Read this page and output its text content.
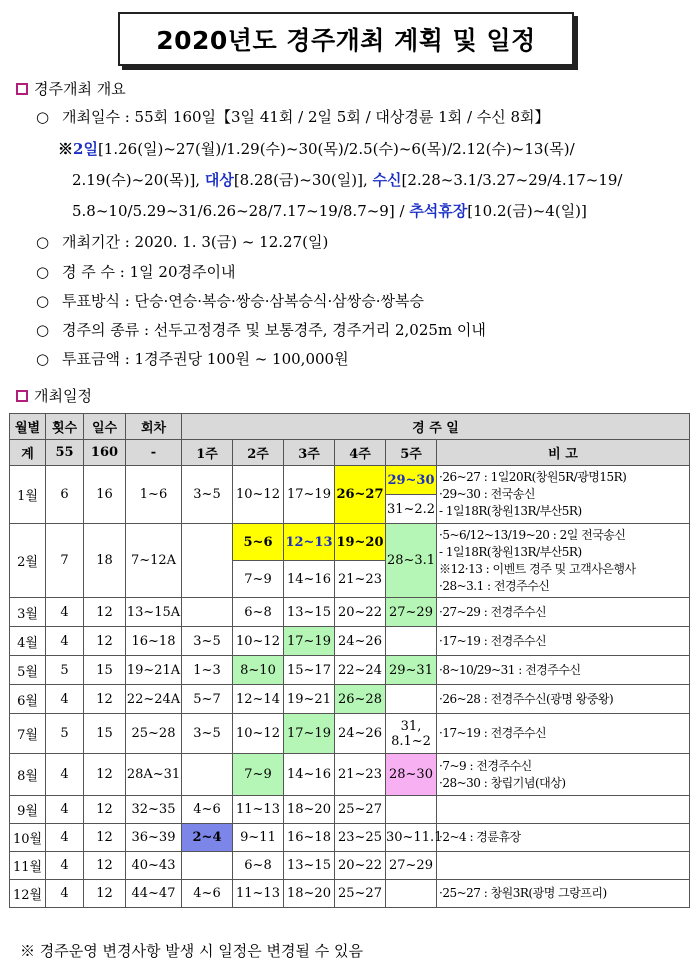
2020년도 경주개최 계획 및 일정
경주개최 개요
○ 개최일수 : 55회 160일【3일 41회 / 2일 5회 / 대상경륜 1회 / 수신 8회】
※2일[1.26(일)~27(월)/1.29(수)~30(목)/2.5(수)~6(목)/2.12(수)~13(목)/
2.19(수)~20(목)], 대상[8.28(금)~30(일)], 수신[2.28~3.1/3.27~29/4.17~19/
5.8~10/5.29~31/6.26~28/7.17~19/8.7~9] / 추석휴장[10.2(금)~4(일)]
○ 개최기간 : 2020. 1. 3(금) ~ 12.27(일)
○ 경 주 수 : 1일 20경주이내
○ 투표방식 : 단승·연승·복승·쌍승·삼복승식·삼쌍승·쌍복승
○ 경주의 종류 : 선두고정경주 및 보통경주, 경주거리 2,025m 이내
○ 투표금액 : 1경주권당 100원 ~ 100,000원
개최일정
월별	횟수	일수	회차	경 주 일					
계	55	160	-	1주	2주	3주	4주	5주	비 고
1월	6	16	1~6	3~5	10~12	17~19	26~27	29~30	·26~27 : 1일20R(창원5R/광명15R)
·29~30 : 전국송신
- 1일18R(창원13R/부산5R)

								31~2.2	
2월	7	18	7~12A		5~6	12~13	19~20	28~3.1	·5~6/12~13/19~20 : 2일 전국송신
- 1일18R(창원13R/부산5R)
※12·13 : 이벤트 경주 및 고객사은행사
·28~3.1 : 전경주수신

					7~9	14~16	21~23		
3월	4	12	13~15A		6~8	13~15	20~22	27~29	·27~29 : 전경주수신
4월	4	12	16~18	3~5	10~12	17~19	24~26		·17~19 : 전경주수신
5월	5	15	19~21A	1~3	8~10	15~17	22~24	29~31	·8~10/29~31 : 전경주수신
6월	4	12	22~24A	5~7	12~14	19~21	26~28		·26~28 : 전경주수신(광명 왕중왕)
7월	5	15	25~28	3~5	10~12	17~19	24~26	31,
8.1~2	·17~19 : 전경주수신
8월	4	12	28A~31		7~9	14~16	21~23	28~30	·7~9 : 전경주수신
·28~30 : 창립기념(대상)

9월	4	12	32~35	4~6	11~13	18~20	25~27		
10월	4	12	36~39	2~4	9~11	16~18	23~25	30~11.1	·2~4 : 경륜휴장
11월	4	12	40~43		6~8	13~15	20~22	27~29	
12월	4	12	44~47	4~6	11~13	18~20	25~27		·25~27 : 창원3R(광명 그랑프리)
※ 경주운영 변경사항 발생 시 일정은 변경될 수 있음
